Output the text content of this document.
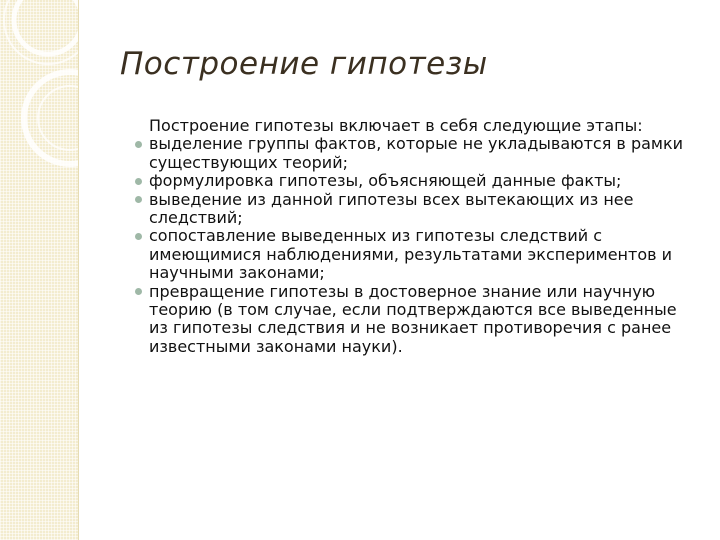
Построение гипотезы

Построение гипотезы включает в себя следующие этапы:

выделение группы фактов, которые не укладываются в рамки существующих теорий;
формулировка гипотезы, объясняющей данные факты;
выведение из данной гипотезы всех вытекающих из нее следствий;
сопоставление выведенных из гипотезы следствий с имеющимися наблюдениями, результатами экспериментов и научными законами;
превращение гипотезы в достоверное знание или научную теорию (в том случае, если подтверждаются все выведенные из гипотезы следствия и не возникает противоречия с ранее известными законами науки).
